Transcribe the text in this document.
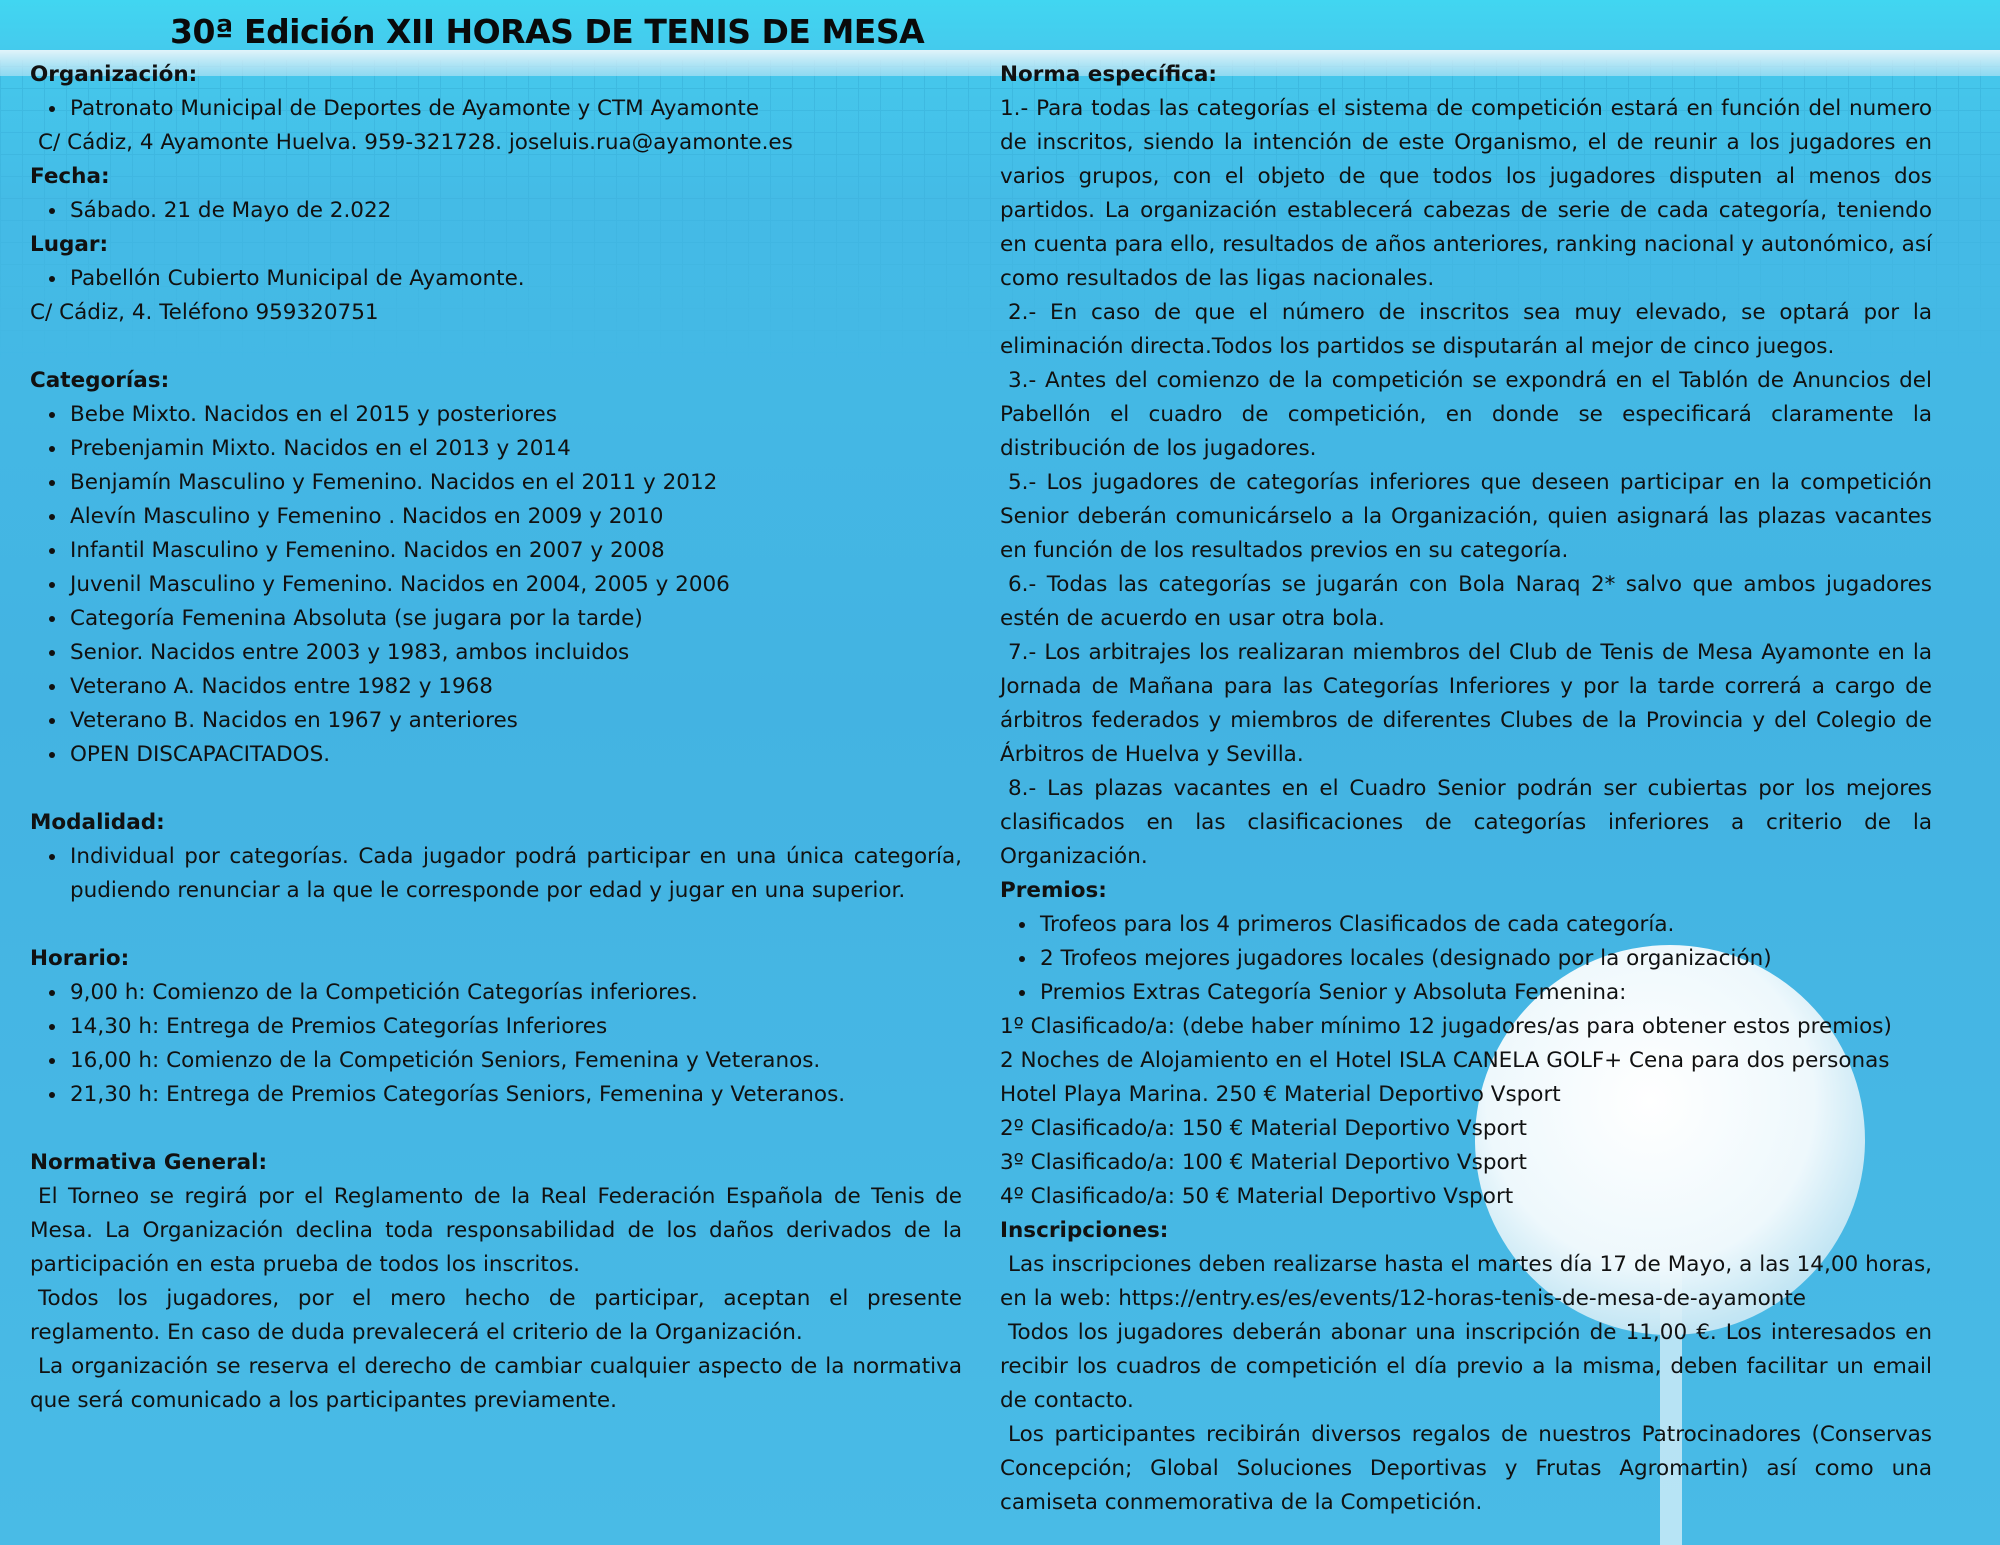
30ª Edición XII HORAS DE TENIS DE MESA

Organización:

• Patronato Municipal de Deportes de Ayamonte y CTM Ayamonte

C/ Cádiz, 4 Ayamonte Huelva. 959-321728. joseluis.rua@ayamonte.es

Fecha:

• Sábado. 21 de Mayo de 2.022

Lugar:

• Pabellón Cubierto Municipal de Ayamonte.

C/ Cádiz, 4. Teléfono 959320751

Categorías:

• Bebe Mixto. Nacidos en el 2015 y posteriores
• Prebenjamin Mixto. Nacidos en el 2013 y 2014
• Benjamín Masculino y Femenino. Nacidos en el 2011 y 2012
• Alevín Masculino y Femenino . Nacidos en 2009 y 2010
• Infantil Masculino y Femenino. Nacidos en 2007 y 2008
• Juvenil Masculino y Femenino. Nacidos en 2004, 2005 y 2006
• Categoría Femenina Absoluta (se jugara por la tarde)
• Senior. Nacidos entre 2003 y 1983, ambos incluidos
• Veterano A. Nacidos entre 1982 y 1968
• Veterano B. Nacidos en 1967 y anteriores
• OPEN DISCAPACITADOS.

Modalidad:

• Individual por categorías. Cada jugador podrá participar en una única categoría, pudiendo renunciar a la que le corresponde por edad y jugar en una superior.

Horario:

• 9,00 h: Comienzo de la Competición Categorías inferiores.
• 14,30 h: Entrega de Premios Categorías Inferiores
• 16,00 h: Comienzo de la Competición Seniors, Femenina y Veteranos.
• 21,30 h: Entrega de Premios Categorías Seniors, Femenina y Veteranos.

Normativa General:

El Torneo se regirá por el Reglamento de la Real Federación Española de Tenis de Mesa. La Organización declina toda responsabilidad de los daños derivados de la participación en esta prueba de todos los inscritos.

Todos los jugadores, por el mero hecho de participar, aceptan el presente reglamento. En caso de duda prevalecerá el criterio de la Organización.

La organización se reserva el derecho de cambiar cualquier aspecto de la normativa que será comunicado a los participantes previamente.

Norma específica:

1.- Para todas las categorías el sistema de competición estará en función del numero de inscritos, siendo la intención de este Organismo, el de reunir a los jugadores en varios grupos, con el objeto de que todos los jugadores disputen al menos dos partidos. La organización establecerá cabezas de serie de cada categoría, teniendo en cuenta para ello, resultados de años anteriores, ranking nacional y autonómico, así como resultados de las ligas nacionales.

2.- En caso de que el número de inscritos sea muy elevado, se optará por la eliminación directa.Todos los partidos se disputarán al mejor de cinco juegos.

3.- Antes del comienzo de la competición se expondrá en el Tablón de Anuncios del Pabellón el cuadro de competición, en donde se especificará claramente la distribución de los jugadores.

5.- Los jugadores de categorías inferiores que deseen participar en la competición Senior deberán comunicárselo a la Organización, quien asignará las plazas vacantes en función de los resultados previos en su categoría.

6.- Todas las categorías se jugarán con Bola Naraq 2* salvo que ambos jugadores estén de acuerdo en usar otra bola.

7.- Los arbitrajes los realizaran miembros del Club de Tenis de Mesa Ayamonte en la Jornada de Mañana para las Categorías Inferiores y por la tarde correrá a cargo de árbitros federados y miembros de diferentes Clubes de la Provincia y del Colegio de Árbitros de Huelva y Sevilla.

8.- Las plazas vacantes en el Cuadro Senior podrán ser cubiertas por los mejores clasificados en las clasificaciones de categorías inferiores a criterio de la Organización.

Premios:

• Trofeos para los 4 primeros Clasificados de cada categoría.
• 2 Trofeos mejores jugadores locales (designado por la organización)
• Premios Extras Categoría Senior y Absoluta Femenina:

1º Clasificado/a: (debe haber mínimo 12 jugadores/as para obtener estos premios)

2 Noches de Alojamiento en el Hotel ISLA CANELA GOLF+ Cena para dos personas Hotel Playa Marina. 250 € Material Deportivo Vsport

2º Clasificado/a: 150 € Material Deportivo Vsport

3º Clasificado/a: 100 € Material Deportivo Vsport

4º Clasificado/a: 50 € Material Deportivo Vsport

Inscripciones:

Las inscripciones deben realizarse hasta el martes día 17 de Mayo, a las 14,00 horas, en la web: https://entry.es/es/events/12-horas-tenis-de-mesa-de-ayamonte

Todos los jugadores deberán abonar una inscripción de 11,00 €. Los interesados en recibir los cuadros de competición el día previo a la misma, deben facilitar un email de contacto.

Los participantes recibirán diversos regalos de nuestros Patrocinadores (Conservas Concepción; Global Soluciones Deportivas y Frutas Agromartin) así como una camiseta conmemorativa de la Competición.
